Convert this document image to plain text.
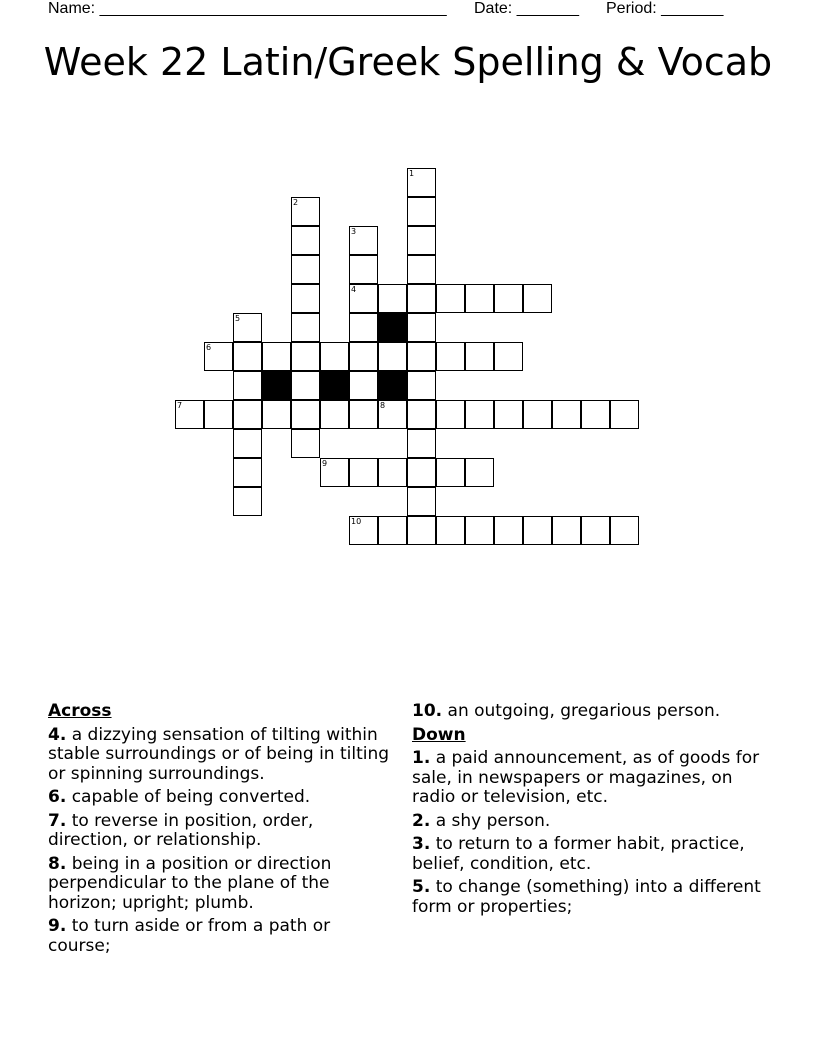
Name: _______________________________________ Date: _______ Period: _______
Week 22 Latin/Greek Spelling & Vocab
1
2
3
4
5
6
7	8
9
10
Across
4. a dizzying sensation of tilting within stable surroundings or of being in tilting or spinning surroundings.
6. capable of being converted.
7. to reverse in position, order, direction, or relationship.
8. being in a position or direction perpendicular to the plane of the horizon; upright; plumb.
9. to turn aside or from a path or course;
10. an outgoing, gregarious person.
Down
1. a paid announcement, as of goods for sale, in newspapers or magazines, on radio or television, etc.
2. a shy person.
3. to return to a former habit, practice, belief, condition, etc.
5. to change (something) into a different form or properties;
